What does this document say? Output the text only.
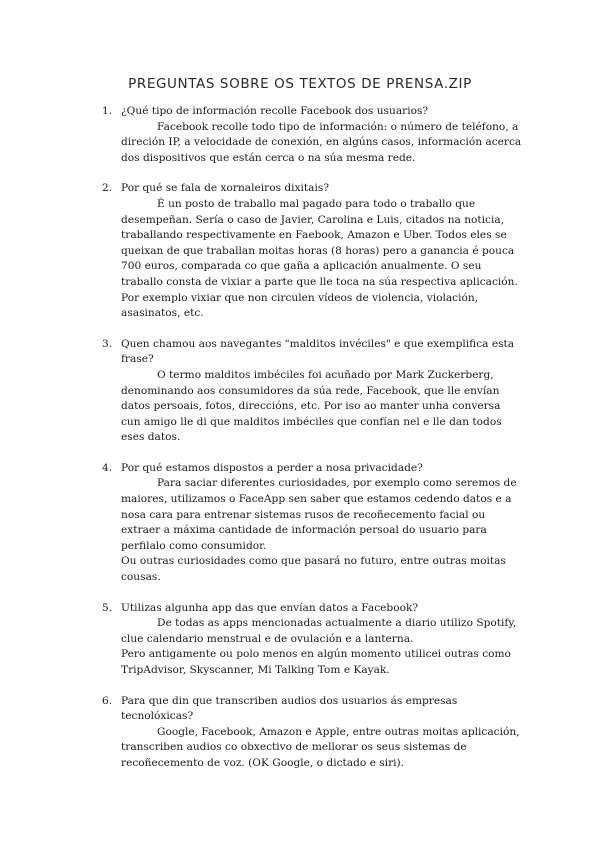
PREGUNTAS SOBRE OS TEXTOS DE PRENSA.ZIP
1. ¿Qué tipo de información recolle Facebook dos usuarios?

Facebook recolle todo tipo de información: o número de teléfono, a direción IP, a velocidade de conexión, en algúns casos, información acerca dos dispositivos que están cerca o na súa mesma rede.

2. Por qué se fala de xornaleiros dixitais?

É un posto de traballo mal pagado para todo o traballo que desempeñan. Sería o caso de Javier, Carolina e Luis, citados na noticia, traballando respectivamente en Faebook, Amazon e Uber. Todos eles se queixan de que traballan moitas horas (8 horas) pero a ganancia é pouca 700 euros, comparada co que gaña a aplicación anualmente. O seu traballo consta de vixiar a parte que lle toca na súa respectiva aplicación. Por exemplo vixiar que non circulen vídeos de violencia, violación, asasinatos, etc.

3. Quen chamou aos navegantes "malditos invéciles" e que exemplifica esta frase?

O termo malditos imbéciles foi acuñado por Mark Zuckerberg, denominando aos consumidores da súa rede, Facebook, que lle envían datos persoais, fotos, direccións, etc. Por iso ao manter unha conversa cun amigo lle di que malditos imbéciles que confían nel e lle dan todos eses datos.

4. Por qué estamos dispostos a perder a nosa privacidade?

Para saciar diferentes curiosidades, por exemplo como seremos de maiores, utilizamos o FaceApp sen saber que estamos cedendo datos e a nosa cara para entrenar sistemas rusos de recoñecemento facial ou extraer a máxima cantidade de información persoal do usuario para perfilalo como consumidor.

Ou outras curiosidades como que pasará no futuro, entre outras moitas cousas.

5. Utilizas algunha app das que envían datos a Facebook?

De todas as apps mencionadas actualmente a diario utilizo Spotify, clue calendario menstrual e de ovulación e a lanterna.

Pero antigamente ou polo menos en algún momento utilicei outras como TripAdvisor, Skyscanner, Mi Talking Tom e Kayak.

6. Para que din que transcriben audios dos usuarios ás empresas tecnolóxicas?

Google, Facebook, Amazon e Apple, entre outras moitas aplicación, transcriben audios co obxectivo de mellorar os seus sistemas de recoñecemento de voz. (OK Google, o dictado e siri).
